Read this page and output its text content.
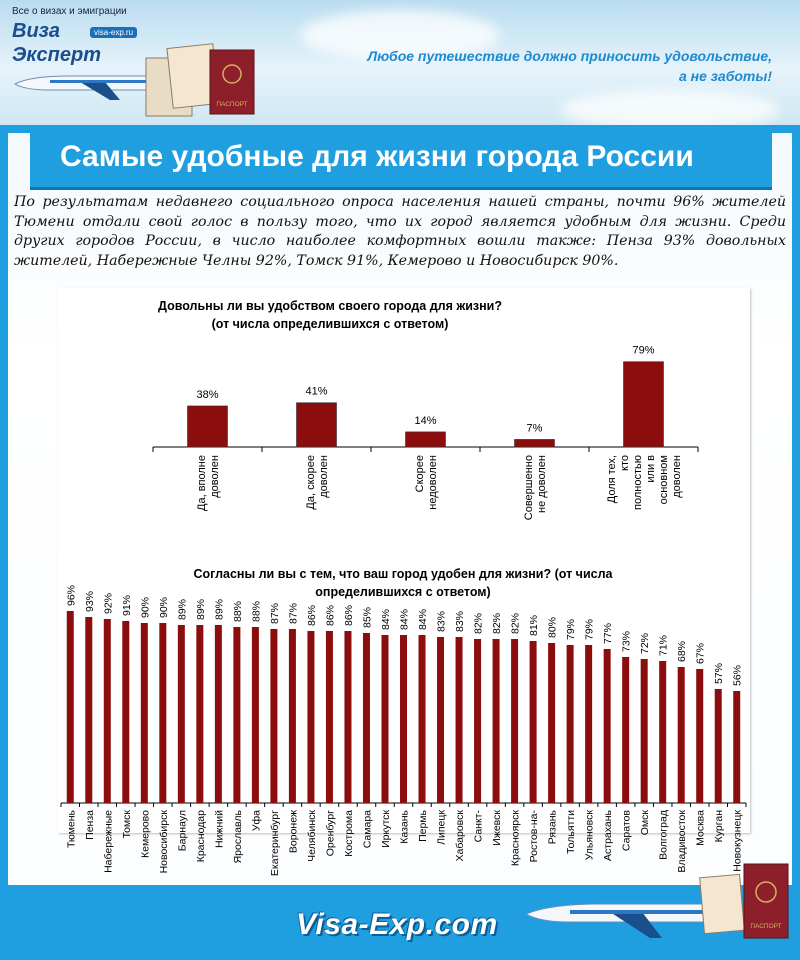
Все о визах и эмиграции
Виза
Эксперт
visa-exp.ru
ПАСПОРТ
Любое путешествие должно приносить удовольствие,
а не заботы!
Самые удобные для жизни города России
По результатам недавнего социального опроса населения нашей страны, почти 96% жителей Тюмени отдали свой голос в пользу того, что их город является удобным для жизни. Среди других городов России, в число наиболее комфортных вошли также: Пенза 93% довольных жителей, Набережные Челны 92%, Томск 91%, Кемерово и Новосибирск 90%.
Довольны ли вы удобством своего города для жизни?
(от числа определившихся с ответом)
38%
Да, вполне доволен
41%
Да, скорее доволен
14%
Скорее недоволен
7%
Совершенно не доволен
79%
Доля тех, кто полностью или в основном доволен
Согласны ли вы с тем, что ваш город удобен для жизни? (от числа
определившихся с ответом)
96%
Тюмень
93%
Пенза
92%
Набережные
91%
Томск
90%
Кемерово
90%
Новосибирск
89%
Барнаул
89%
Краснодар
89%
Нижний
88%
Ярославль
88%
Уфа
87%
Екатеринбург
87%
Воронеж
86%
Челябинск
86%
Оренбург
86%
Кострома
85%
Самара
84%
Иркутск
84%
Казань
84%
Пермь
83%
Липецк
83%
Хабаровск
82%
Санкт-
82%
Ижевск
82%
Красноярск
81%
Ростов-на-
80%
Рязань
79%
Тольятти
79%
Ульяновск
77%
Астрахань
73%
Саратов
72%
Омск
71%
Волгоград
68%
Владивосток
67%
Москва
57%
Курган
56%
Новокузнецк
ПАСПОРТ
Visa-Exp.com
